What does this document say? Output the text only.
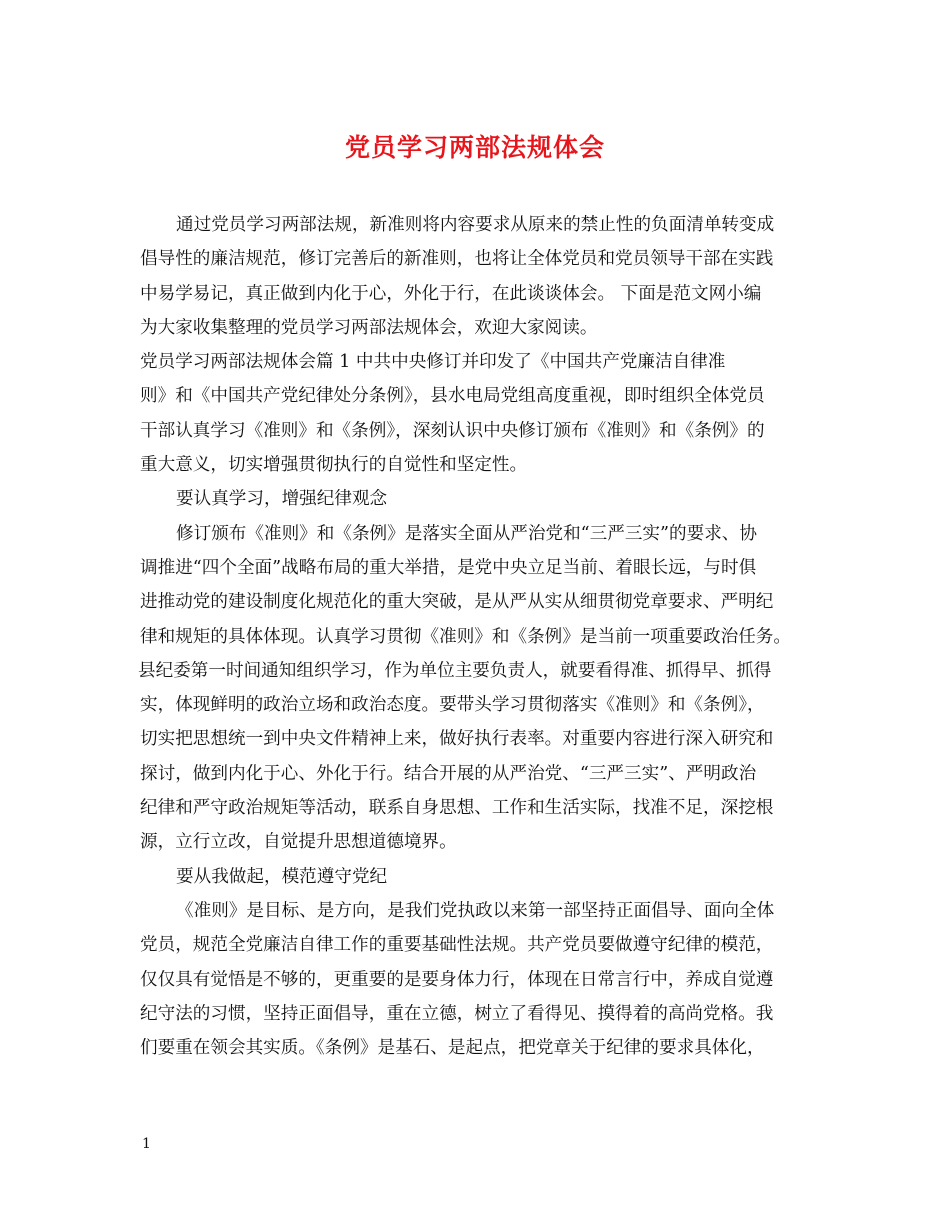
党员学习两部法规体会
通过党员学习两部法规，新准则将内容要求从原来的禁止性的负面清单转变成
倡导性的廉洁规范，修订完善后的新准则，也将让全体党员和党员领导干部在实践
中易学易记，真正做到内化于心，外化于行，在此谈谈体会。 下面是范文网小编
为大家收集整理的党员学习两部法规体会，欢迎大家阅读。
党员学习两部法规体会篇 1 中共中央修订并印发了《中国共产党廉洁自律准
则》和《中国共产党纪律处分条例》，县水电局党组高度重视，即时组织全体党员
干部认真学习《准则》和《条例》，深刻认识中央修订颁布《准则》和《条例》的
重大意义，切实增强贯彻执行的自觉性和坚定性。
要认真学习，增强纪律观念
修订颁布《准则》和《条例》是落实全面从严治党和“三严三实”的要求、协
调推进“四个全面”战略布局的重大举措，是党中央立足当前、着眼长远，与时俱
进推动党的建设制度化规范化的重大突破，是从严从实从细贯彻党章要求、严明纪
律和规矩的具体体现。认真学习贯彻《准则》和《条例》是当前一项重要政治任务。
县纪委第一时间通知组织学习，作为单位主要负责人，就要看得准、抓得早、抓得
实，体现鲜明的政治立场和政治态度。要带头学习贯彻落实《准则》和《条例》，
切实把思想统一到中央文件精神上来，做好执行表率。对重要内容进行深入研究和
探讨，做到内化于心、外化于行。结合开展的从严治党、“三严三实”、严明政治
纪律和严守政治规矩等活动，联系自身思想、工作和生活实际，找准不足，深挖根
源，立行立改，自觉提升思想道德境界。
要从我做起，模范遵守党纪
《准则》是目标、是方向，是我们党执政以来第一部坚持正面倡导、面向全体
党员，规范全党廉洁自律工作的重要基础性法规。共产党员要做遵守纪律的模范，
仅仅具有觉悟是不够的，更重要的是要身体力行，体现在日常言行中，养成自觉遵
纪守法的习惯，坚持正面倡导，重在立德，树立了看得见、摸得着的高尚党格。我
们要重在领会其实质。《条例》是基石、是起点，把党章关于纪律的要求具体化，
1
